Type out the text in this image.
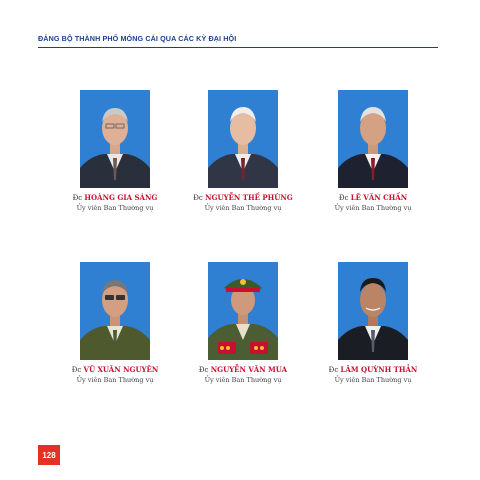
ĐẢNG BỘ THÀNH PHỐ MÓNG CÁI QUA CÁC KỲ ĐẠI HỘI
Đc HOÀNG GIA SÁNG
Ủy viên Ban Thường vụ
Đc NGUYỄN THẾ PHÙNG
Ủy viên Ban Thường vụ
Đc LÊ VĂN CHẤN
Ủy viên Ban Thường vụ
Đc VŨ XUÂN NGUYÊN
Ủy viên Ban Thường vụ
Đc NGUYỄN VĂN MUA
Ủy viên Ban Thường vụ
Đc LÂM QUỲNH THẢN
Ủy viên Ban Thường vụ
128
